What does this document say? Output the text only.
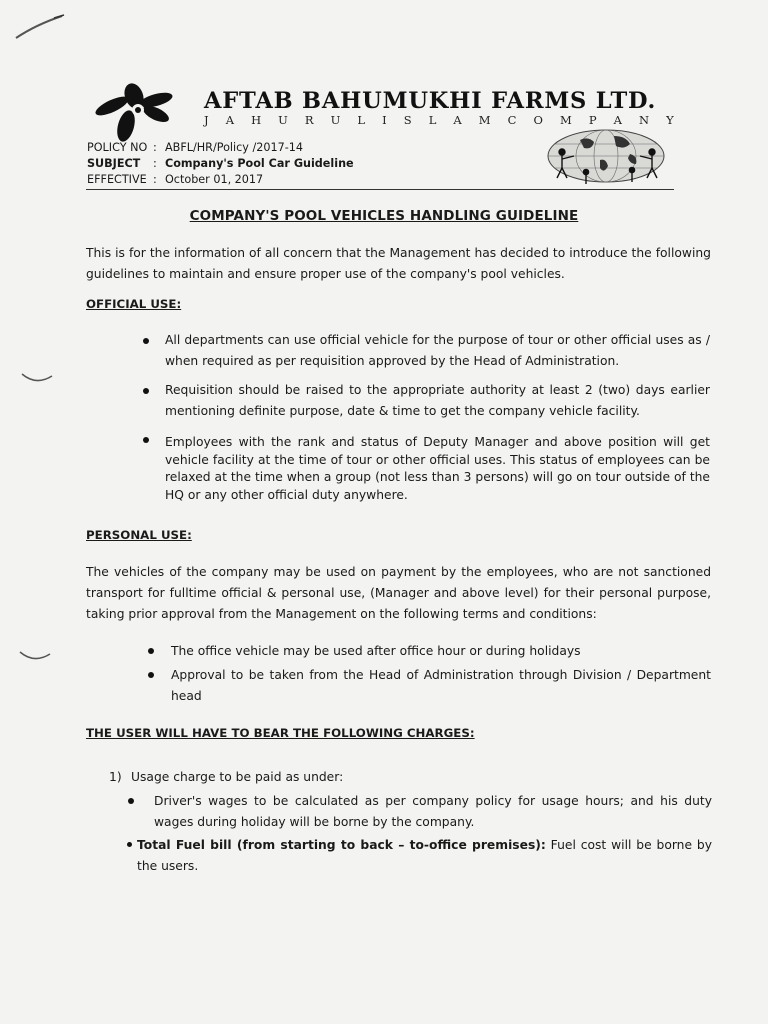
AFTAB BAHUMUKHI FARMS LTD.
J A H U R U L I S L A M C O M P A N Y
POLICY NO : ABFL/HR/Policy /2017-14
SUBJECT	: Company's Pool Car Guideline
EFFECTIVE : October 01, 2017
COMPANY'S POOL VEHICLES HANDLING GUIDELINE
This is for the information of all concern that the Management has decided to introduce the following guidelines to maintain and ensure proper use of the company's pool vehicles.
OFFICIAL USE:
All departments can use official vehicle for the purpose of tour or other official uses as / when required as per requisition approved by the Head of Administration.
Requisition should be raised to the appropriate authority at least 2 (two) days earlier mentioning definite purpose, date & time to get the company vehicle facility.
Employees with the rank and status of Deputy Manager and above position will get vehicle facility at the time of tour or other official uses. This status of employees can be relaxed at the time when a group (not less than 3 persons) will go on tour outside of the HQ or any other official duty anywhere.
PERSONAL USE:
The vehicles of the company may be used on payment by the employees, who are not sanctioned transport for fulltime official & personal use, (Manager and above level) for their personal purpose, taking prior approval from the Management on the following terms and conditions:
The office vehicle may be used after office hour or during holidays
Approval to be taken from the Head of Administration through Division / Department head
THE USER WILL HAVE TO BEAR THE FOLLOWING CHARGES:
1) Usage charge to be paid as under:
Driver's wages to be calculated as per company policy for usage hours; and his duty wages during holiday will be borne by the company.
Total Fuel bill (from starting to back – to-office premises): Fuel cost will be borne by the users.
